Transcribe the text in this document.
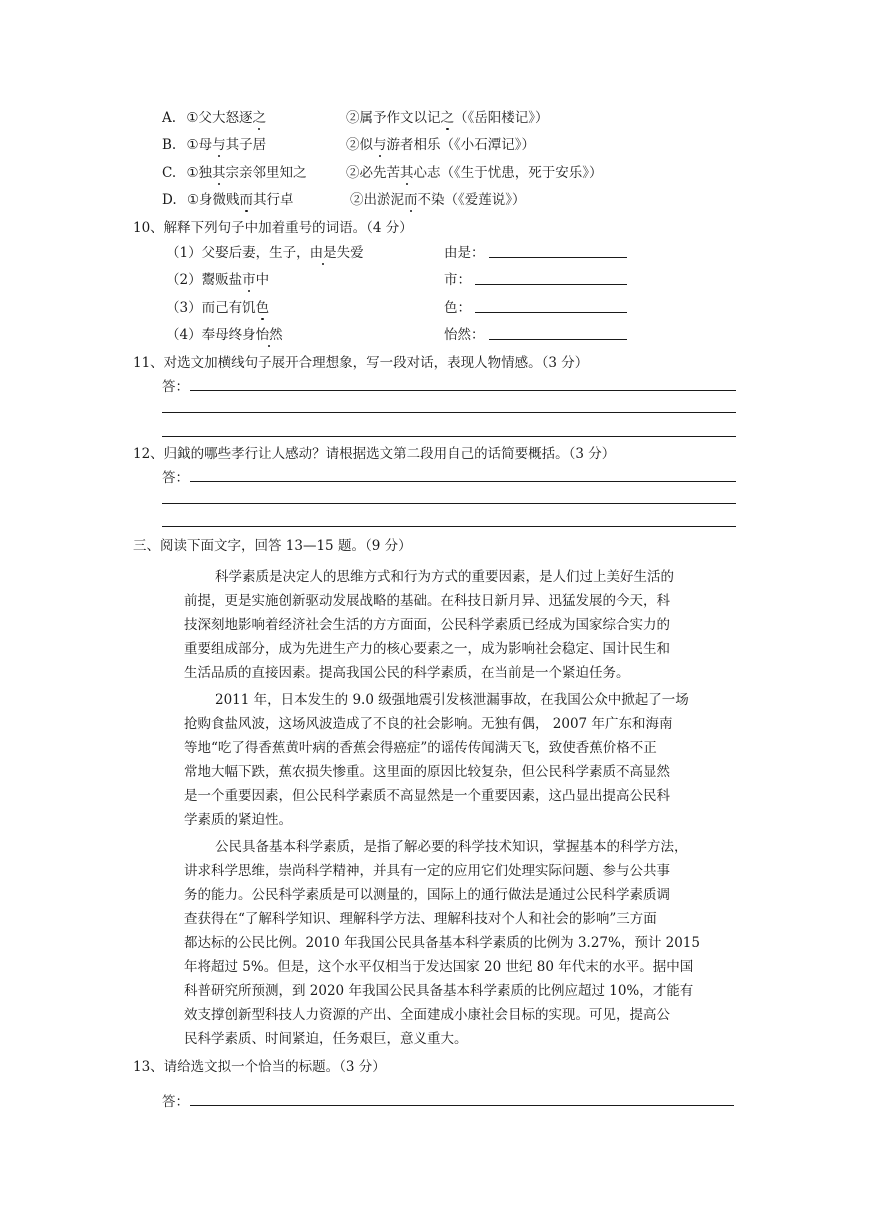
A. ①父大怒逐之	②属予作文以记之（《岳阳楼记》）
B. ①母与其子居	②似与游者相乐（《小石潭记》）
C. ①独其宗亲邻里知之	②必先苦其心志（《生于忧患，死于安乐》）
D. ①身微贱而其行卓	②出淤泥而不染（《爱莲说》）
10、解释下列句子中加着重号的词语。（4 分）
（1）父娶后妻，生子，由是失爱	由是：
（2）鬻贩盐市中	市：
（3）而己有饥色	色：
（4）奉母终身怡然	怡然：
11、对选文加横线句子展开合理想象，写一段对话，表现人物情感。（3 分）
答：
12、归鉞的哪些孝行让人感动？请根据选文第二段用自己的话简要概括。（3 分）
答：
三、阅读下面文字，回答 13—15 题。（9 分）
科学素质是决定人的思维方式和行为方式的重要因素，是人们过上美好生活的
前提，更是实施创新驱动发展战略的基础。在科技日新月异、迅猛发展的今天，科
技深刻地影响着经济社会生活的方方面面，公民科学素质已经成为国家综合实力的
重要组成部分，成为先进生产力的核心要素之一，成为影响社会稳定、国计民生和
生活品质的直接因素。提高我国公民的科学素质，在当前是一个紧迫任务。
2011 年，日本发生的 9.0 级强地震引发核泄漏事故，在我国公众中掀起了一场
抢购食盐风波，这场风波造成了不良的社会影响。无独有偶， 2007 年广东和海南
等地“吃了得香蕉黄叶病的香蕉会得癌症”的谣传传闻满天飞，致使香蕉价格不正
常地大幅下跌，蕉农损失惨重。这里面的原因比较复杂，但公民科学素质不高显然
是一个重要因素，但公民科学素质不高显然是一个重要因素，这凸显出提高公民科
学素质的紧迫性。
公民具备基本科学素质，是指了解必要的科学技术知识，掌握基本的科学方法，
讲求科学思维，崇尚科学精神，并具有一定的应用它们处理实际问题、参与公共事
务的能力。公民科学素质是可以测量的，国际上的通行做法是通过公民科学素质调
查获得在“了解科学知识、理解科学方法、理解科技对个人和社会的影响”三方面
都达标的公民比例。2010 年我国公民具备基本科学素质的比例为 3.27%，预计 2015
年将超过 5%。但是，这个水平仅相当于发达国家 20 世纪 80 年代末的水平。据中国
科普研究所预测，到 2020 年我国公民具备基本科学素质的比例应超过 10%，才能有
效支撑创新型科技人力资源的产出、全面建成小康社会目标的实现。可见，提高公
民科学素质、时间紧迫，任务艰巨，意义重大。
13、请给选文拟一个恰当的标题。（3 分）
答：
